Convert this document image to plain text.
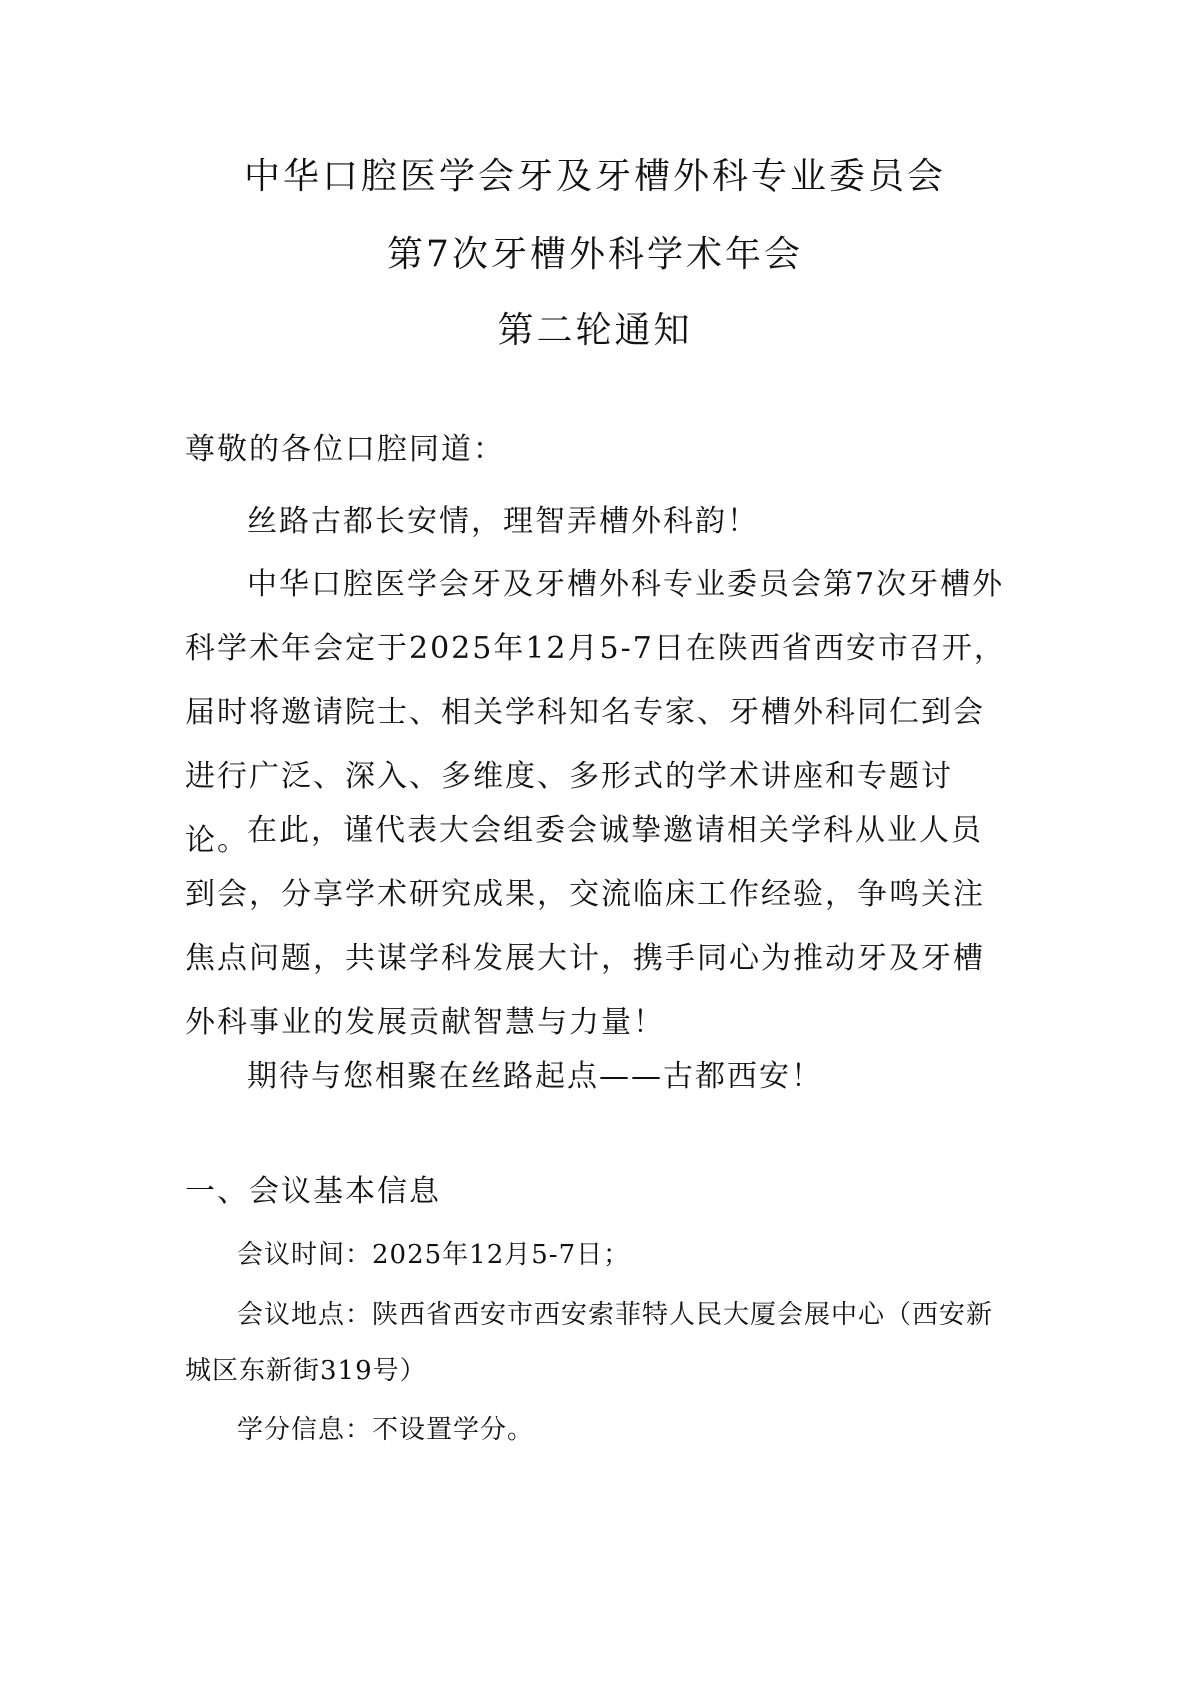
中华口腔医学会牙及牙槽外科专业委员会
第7次牙槽外科学术年会
第二轮通知
尊敬的各位口腔同道：

丝路古都长安情，理智弄槽外科韵！

中华口腔医学会牙及牙槽外科专业委员会第7次牙槽外科学术年会定于2025年12月5-7日在陕西省西安市召开，届时将邀请院士、相关学科知名专家、牙槽外科同仁到会进行广泛、深入、多维度、多形式的学术讲座和专题讨论。

在此，谨代表大会组委会诚挚邀请相关学科从业人员到会，分享学术研究成果，交流临床工作经验，争鸣关注焦点问题，共谋学科发展大计，携手同心为推动牙及牙槽外科事业的发展贡献智慧与力量！

期待与您相聚在丝路起点——古都西安！

一、会议基本信息

会议时间：2025年12月5-7日；

会议地点：陕西省西安市西安索菲特人民大厦会展中心（西安新城区东新街319号）

学分信息：不设置学分。
